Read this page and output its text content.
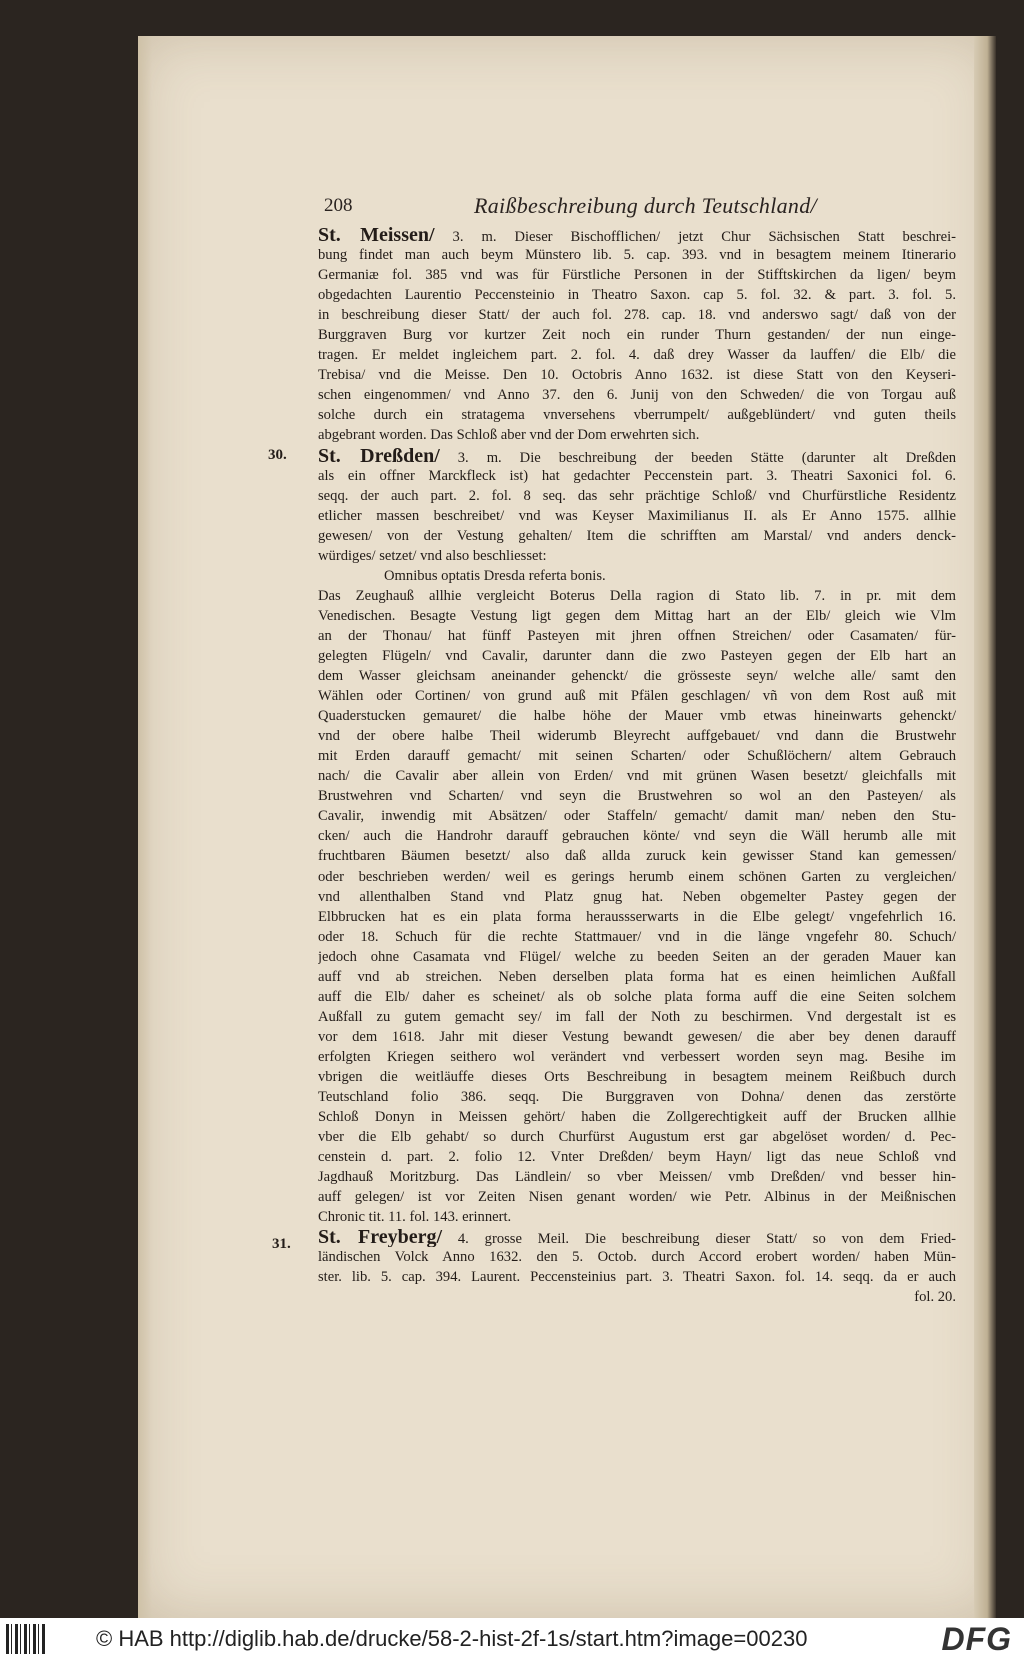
208	Raißbeschreibung durch Teutschland/
30.
31.
St. Meissen/ 3. m. Dieser Bischofflichen/ jetzt Chur Sächsischen Statt beschrei-
bung findet man auch beym Münstero lib. 5. cap. 393. vnd in besagtem meinem Itinerario
Germaniæ fol. 385 vnd was für Fürstliche Personen in der Stifftskirchen da ligen/ beym
obgedachten Laurentio Peccensteinio in Theatro Saxon. cap 5. fol. 32. & part. 3. fol. 5.
in beschreibung dieser Statt/ der auch fol. 278. cap. 18. vnd anderswo sagt/ daß von der
Burggraven Burg vor kurtzer Zeit noch ein runder Thurn gestanden/ der nun einge-
tragen. Er meldet ingleichem part. 2. fol. 4. daß drey Wasser da lauffen/ die Elb/ die
Trebisa/ vnd die Meisse. Den 10. Octobris Anno 1632. ist diese Statt von den Keyseri-
schen eingenommen/ vnd Anno 37. den 6. Junij von den Schweden/ die von Torgau auß
solche durch ein stratagema vnversehens vberrumpelt/ außgeblündert/ vnd guten theils
abgebrant worden. Das Schloß aber vnd der Dom erwehrten sich.
St. Dreßden/ 3. m. Die beschreibung der beeden Stätte (darunter alt Dreßden
als ein offner Marckfleck ist) hat gedachter Peccenstein part. 3. Theatri Saxonici fol. 6.
seqq. der auch part. 2. fol. 8 seq. das sehr prächtige Schloß/ vnd Churfürstliche Residentz
etlicher massen beschreibet/ vnd was Keyser Maximilianus II. als Er Anno 1575. allhie
gewesen/ von der Vestung gehalten/ Item die schrifften am Marstal/ vnd anders denck-
würdiges/ setzet/ vnd also beschliesset:
Omnibus optatis Dresda referta bonis.
Das Zeughauß allhie vergleicht Boterus Della ragion di Stato lib. 7. in pr. mit dem
Venedischen. Besagte Vestung ligt gegen dem Mittag hart an der Elb/ gleich wie Vlm
an der Thonau/ hat fünff Pasteyen mit jhren offnen Streichen/ oder Casamaten/ für-
gelegten Flügeln/ vnd Cavalir, darunter dann die zwo Pasteyen gegen der Elb hart an
dem Wasser gleichsam aneinander gehenckt/ die grösseste seyn/ welche alle/ samt den
Wählen oder Cortinen/ von grund auß mit Pfälen geschlagen/ vñ von dem Rost auß mit
Quaderstucken gemauret/ die halbe höhe der Mauer vmb etwas hineinwarts gehenckt/
vnd der obere halbe Theil widerumb Bleyrecht auffgebauet/ vnd dann die Brustwehr
mit Erden darauff gemacht/ mit seinen Scharten/ oder Schußlöchern/ altem Gebrauch
nach/ die Cavalir aber allein von Erden/ vnd mit grünen Wasen besetzt/ gleichfalls mit
Brustwehren vnd Scharten/ vnd seyn die Brustwehren so wol an den Pasteyen/ als
Cavalir, inwendig mit Absätzen/ oder Staffeln/ gemacht/ damit man/ neben den Stu-
cken/ auch die Handrohr darauff gebrauchen könte/ vnd seyn die Wäll herumb alle mit
fruchtbaren Bäumen besetzt/ also daß allda zuruck kein gewisser Stand kan gemessen/
oder beschrieben werden/ weil es gerings herumb einem schönen Garten zu vergleichen/
vnd allenthalben Stand vnd Platz gnug hat. Neben obgemelter Pastey gegen der
Elbbrucken hat es ein plata forma heraussserwarts in die Elbe gelegt/ vngefehrlich 16.
oder 18. Schuch für die rechte Stattmauer/ vnd in die länge vngefehr 80. Schuch/
jedoch ohne Casamata vnd Flügel/ welche zu beeden Seiten an der geraden Mauer kan
auff vnd ab streichen. Neben derselben plata forma hat es einen heimlichen Außfall
auff die Elb/ daher es scheinet/ als ob solche plata forma auff die eine Seiten solchem
Außfall zu gutem gemacht sey/ im fall der Noth zu beschirmen. Vnd dergestalt ist es
vor dem 1618. Jahr mit dieser Vestung bewandt gewesen/ die aber bey denen darauff
erfolgten Kriegen seithero wol verändert vnd verbessert worden seyn mag. Besihe im
vbrigen die weitläuffe dieses Orts Beschreibung in besagtem meinem Reißbuch durch
Teutschland folio 386. seqq. Die Burggraven von Dohna/ denen das zerstörte
Schloß Donyn in Meissen gehört/ haben die Zollgerechtigkeit auff der Brucken allhie
vber die Elb gehabt/ so durch Churfürst Augustum erst gar abgelöset worden/ d. Pec-
censtein d. part. 2. folio 12. Vnter Dreßden/ beym Hayn/ ligt das neue Schloß vnd
Jagdhauß Moritzburg. Das Ländlein/ so vber Meissen/ vmb Dreßden/ vnd besser hin-
auff gelegen/ ist vor Zeiten Nisen genant worden/ wie Petr. Albinus in der Meißnischen
Chronic tit. 11. fol. 143. erinnert.
St. Freyberg/ 4. grosse Meil. Die beschreibung dieser Statt/ so von dem Fried-
ländischen Volck Anno 1632. den 5. Octob. durch Accord erobert worden/ haben Mün-
ster. lib. 5. cap. 394. Laurent. Peccensteinius part. 3. Theatri Saxon. fol. 14. seqq. da er auch
fol. 20.
© HAB http://diglib.hab.de/drucke/58-2-hist-2f-1s/start.htm?image=00230	DFG
